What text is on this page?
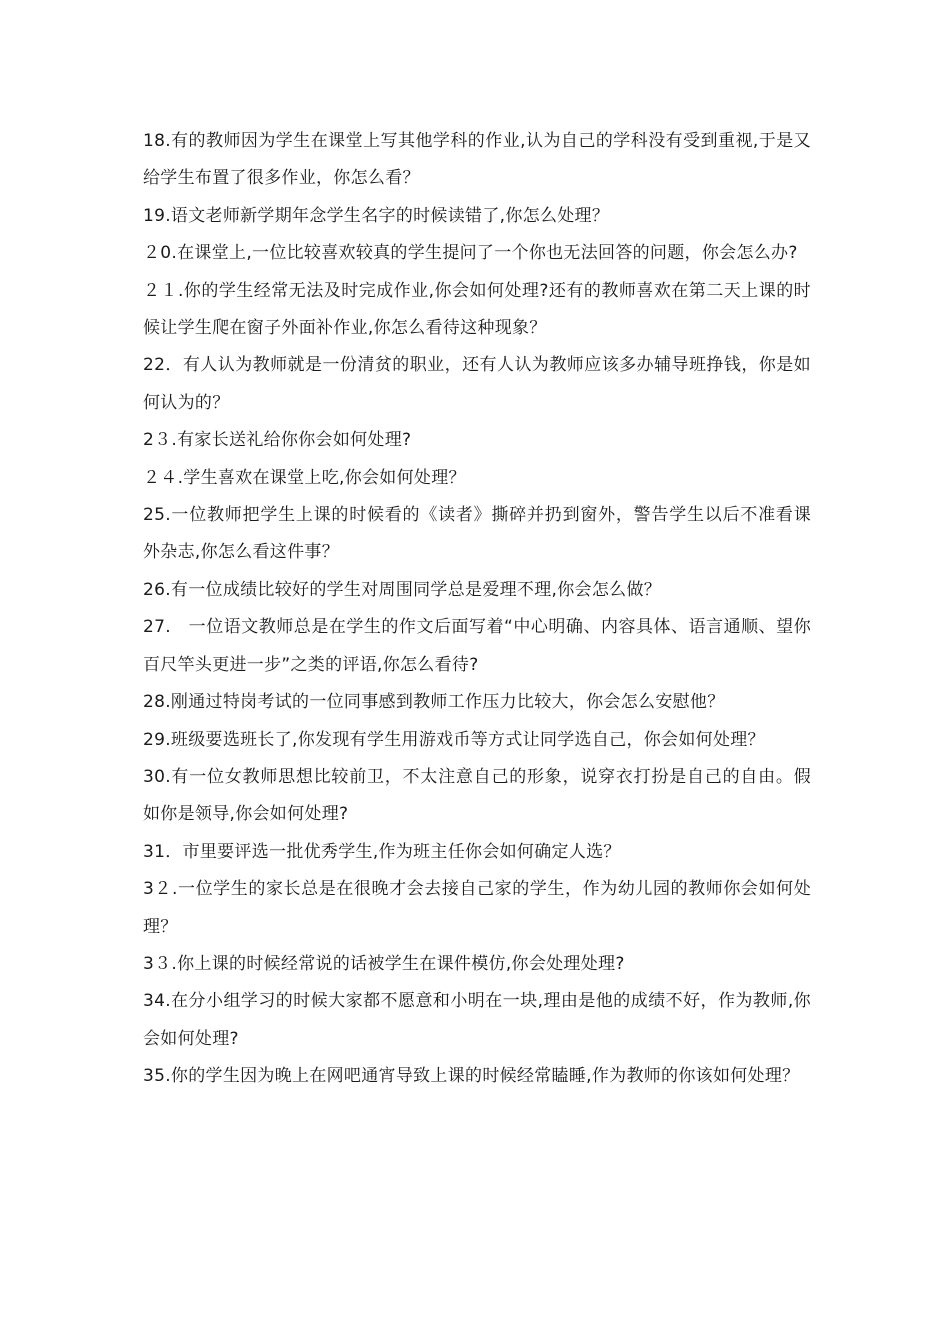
18.有的教师因为学生在课堂上写其他学科的作业,认为自己的学科没有受到重视,于是又给学生布置了很多作业，你怎么看？

19.语文老师新学期年念学生名字的时候读错了,你怎么处理？

２0.在课堂上,一位比较喜欢较真的学生提问了一个你也无法回答的问题，你会怎么办?

２１.你的学生经常无法及时完成作业,你会如何处理?还有的教师喜欢在第二天上课的时候让学生爬在窗子外面补作业,你怎么看待这种现象？

22．有人认为教师就是一份清贫的职业，还有人认为教师应该多办辅导班挣钱，你是如何认为的？

2３.有家长送礼给你你会如何处理?

２４.学生喜欢在课堂上吃,你会如何处理？

25.一位教师把学生上课的时候看的《读者》撕碎并扔到窗外，警告学生以后不准看课外杂志,你怎么看这件事？

26.有一位成绩比较好的学生对周围同学总是爱理不理,你会怎么做？

27.　一位语文教师总是在学生的作文后面写着“中心明确、内容具体、语言通顺、望你百尺竿头更进一步”之类的评语,你怎么看待?

28.刚通过特岗考试的一位同事感到教师工作压力比较大，你会怎么安慰他？

29.班级要选班长了,你发现有学生用游戏币等方式让同学选自己，你会如何处理？

30.有一位女教师思想比较前卫，不太注意自己的形象，说穿衣打扮是自己的自由。假如你是领导,你会如何处理?

31．市里要评选一批优秀学生,作为班主任你会如何确定人选？

3２.一位学生的家长总是在很晚才会去接自己家的学生，作为幼儿园的教师你会如何处理？

3３.你上课的时候经常说的话被学生在课件模仿,你会处理处理?

34.在分小组学习的时候大家都不愿意和小明在一块,理由是他的成绩不好，作为教师,你会如何处理?

35.你的学生因为晚上在网吧通宵导致上课的时候经常瞌睡,作为教师的你该如何处理？
